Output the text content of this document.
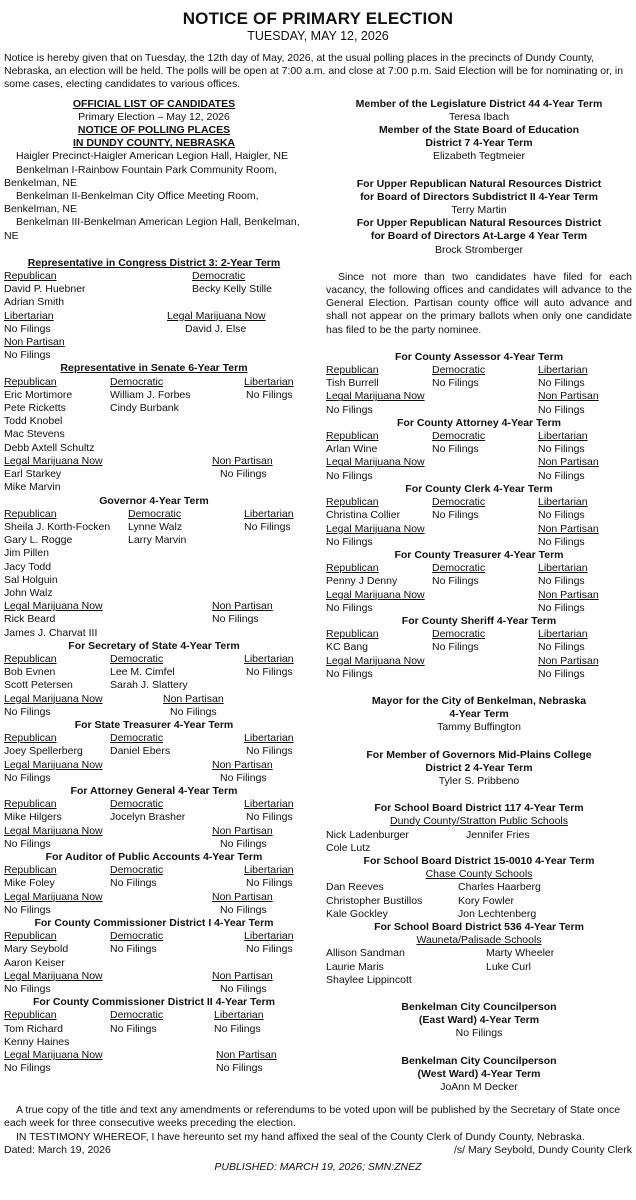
NOTICE OF PRIMARY ELECTION
TUESDAY, MAY 12, 2026
Notice is hereby given that on Tuesday, the 12th day of May, 2026, at the usual polling places in the precincts of Dundy County, Nebraska, an election will be held. The polls will be open at 7:00 a.m. and close at 7:00 p.m. Said Election will be for nominating or, in some cases, electing candidates to various offices.
OFFICIAL LIST OF CANDIDATES
Primary Election – May 12, 2026
NOTICE OF POLLING PLACES
IN DUNDY COUNTY, NEBRASKA
Haigler Precinct-Haigler American Legion Hall, Haigler, NE
Benkelman I-Rainbow Fountain Park Community Room, Benkelman, NE
Benkelman II-Benkelman City Office Meeting Room, Benkelman, NE
Benkelman III-Benkelman American Legion Hall, Benkelman, NE
Representative in Congress District 3: 2-Year Term
Republican	Democratic
David P. Huebner	Becky Kelly Stille
Adrian Smith
Libertarian	Legal Marijuana Now
No Filings	David J. Else
Non Partisan
No Filings
Representative in Senate 6-Year Term
Republican	Democratic	Libertarian
Eric Mortimore	William J. Forbes	No Filings
Pete Ricketts	Cindy Burbank
Todd Knobel
Mac Stevens
Debb Axtell Schultz
Legal Marijuana Now	Non Partisan
Earl Starkey	No Filings
Mike Marvin
Governor 4-Year Term
Republican	Democratic	Libertarian
Sheila J. Korth-Focken	Lynne Walz	No Filings
Gary L. Rogge	Larry Marvin
Jim Pillen
Jacy Todd
Sal Holguin
John Walz
Legal Marijuana Now	Non Partisan
Rick Beard	No Filings
James J. Charvat III
For Secretary of State 4-Year Term
Republican	Democratic	Libertarian
Bob Evnen	Lee M. Cimfel	No Filings
Scott Petersen	Sarah J. Slattery
Legal Marijuana Now	Non Partisan
No Filings	No Filings
For State Treasurer 4-Year Term
Republican	Democratic	Libertarian
Joey Spellerberg	Daniel Ebers	No Filings
Legal Marijuana Now	Non Partisan
No Filings	No Filings
For Attorney General 4-Year Term
Republican	Democratic	Libertarian
Mike Hilgers	Jocelyn Brasher	No Filings
Legal Marijuana Now	Non Partisan
No Filings	No Filings
For Auditor of Public Accounts 4-Year Term
Republican	Democratic	Libertarian
Mike Foley	No Filings	No Filings
Legal Marijuana Now	Non Partisan
No Filings	No Filings
For County Commissioner District I 4-Year Term
Republican	Democratic	Libertarian
Mary Seybold	No Filings	No Filings
Aaron Keiser
Legal Marijuana Now	Non Partisan
No Filings	No Filings
For County Commissioner District II 4-Year Term
Republican	Democratic	Libertarian
Tom Richard	No Filings	No Filings
Kenny Haines
Legal Marijuana Now	Non Partisan
No Filings	No Filings
Member of the Legislature District 44 4-Year Term
Teresa Ibach
Member of the State Board of Education
District 7 4-Year Term
Elizabeth Tegtmeier
For Upper Republican Natural Resources District
for Board of Directors Subdistrict II 4-Year Term
Terry Martin
For Upper Republican Natural Resources District
for Board of Directors At-Large 4 Year Term
Brock Stromberger
Since not more than two candidates have filed for each vacancy, the following offices and candidates will advance to the General Election. Partisan county office will auto advance and shall not appear on the primary ballots when only one candidate has filed to be the party nominee.
For County Assessor 4-Year Term
Republican	Democratic	Libertarian
Tish Burrell	No Filings	No Filings
Legal Marijuana Now	Non Partisan
No Filings	No Filings
For County Attorney 4-Year Term
Republican	Democratic	Libertarian
Arlan Wine	No Filings	No Filings
Legal Marijuana Now	Non Partisan
No Filings	No Filings
For County Clerk 4-Year Term
Republican	Democratic	Libertarian
Christina Collier	No Filings	No Filings
Legal Marijuana Now	Non Partisan
No Filings	No Filings
For County Treasurer 4-Year Term
Republican	Democratic	Libertarian
Penny J Denny	No Filings	No Filings
Legal Marijuana Now	Non Partisan
No Filings	No Filings
For County Sheriff 4-Year Term
Republican	Democratic	Libertarian
KC Bang	No Filings	No Filings
Legal Marijuana Now	Non Partisan
No Filings	No Filings
Mayor for the City of Benkelman, Nebraska
4-Year Term
Tammy Buffington
For Member of Governors Mid-Plains College
District 2 4-Year Term
Tyler S. Pribbeno
For School Board District 117 4-Year Term
Dundy County/Stratton Public Schools
Nick Ladenburger	Jennifer Fries
Cole Lutz
For School Board District 15-0010 4-Year Term
Chase County Schools
Dan Reeves	Charles Haarberg
Christopher Bustillos	Kory Fowler
Kale Gockley	Jon Lechtenberg
For School Board District 536 4-Year Term
Wauneta/Palisade Schools
Allison Sandman	Marty Wheeler
Laurie Maris	Luke Curl
Shaylee Lippincott
Benkelman City Councilperson
(East Ward) 4-Year Term
No Filings
Benkelman City Councilperson
(West Ward) 4-Year Term
JoAnn M Decker
A true copy of the title and text any amendments or referendums to be voted upon will be published by the Secretary of State once each week for three consecutive weeks preceding the election.
IN TESTIMONY WHEREOF, I have hereunto set my hand affixed the seal of the County Clerk of Dundy County, Nebraska.
Dated: March 19, 2026	/s/ Mary Seybold, Dundy County Clerk
PUBLISHED: MARCH 19, 2026; SMN:ZNEZ
